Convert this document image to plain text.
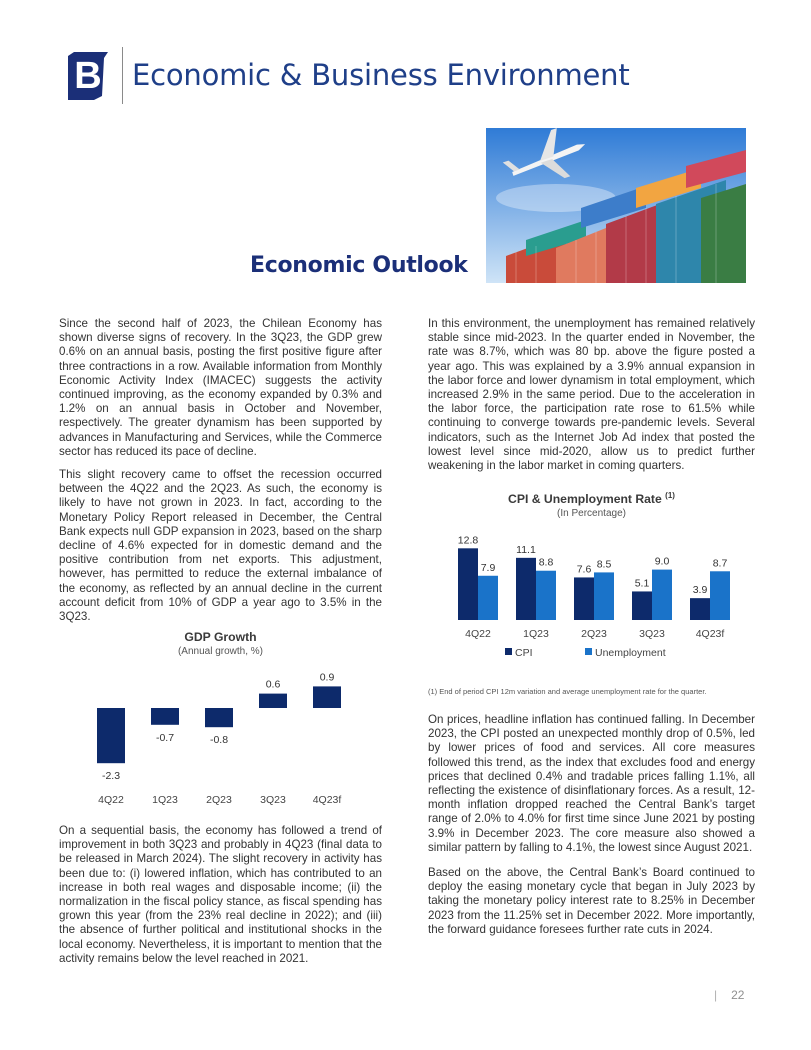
B Economic & Business Environment
Economic Outlook

Since the second half of 2023, the Chilean Economy has shown diverse signs of recovery. In the 3Q23, the GDP grew 0.6% on an annual basis, posting the first positive figure after three contractions in a row. Available information from Monthly Economic Activity Index (IMACEC) suggests the activity continued improving, as the economy expanded by 0.3% and 1.2% on an annual basis in October and November, respectively. The greater dynamism has been supported by advances in Manufacturing and Services, while the Commerce sector has reduced its pace of decline.

This slight recovery came to offset the recession occurred between the 4Q22 and the 2Q23. As such, the economy is likely to have not grown in 2023. In fact, according to the Monetary Policy Report released in December, the Central Bank expects null GDP expansion in 2023, based on the sharp decline of 4.6% expected for in domestic demand and the positive contribution from net exports. This adjustment, however, has permitted to reduce the external imbalance of the economy, as reflected by an annual decline in the current account deficit from 10% of GDP a year ago to 3.5% in the 3Q23.

GDP Growth
(Annual growth, %)
-2.3
4Q22
-0.7
1Q23
-0.8
2Q23
0.6
3Q23
0.9
4Q23f

On a sequential basis, the economy has followed a trend of improvement in both 3Q23 and probably in 4Q23 (final data to be released in March 2024). The slight recovery in activity has been due to: (i) lowered inflation, which has contributed to an increase in both real wages and disposable income; (ii) the normalization in the fiscal policy stance, as fiscal spending has grown this year (from the 23% real decline in 2022); and (iii) the absence of further political and institutional shocks in the local economy. Nevertheless, it is important to mention that the activity remains below the level reached in 2021.

In this environment, the unemployment has remained relatively stable since mid-2023. In the quarter ended in November, the rate was 8.7%, which was 80 bp. above the figure posted a year ago. This was explained by a 3.9% annual expansion in the labor force and lower dynamism in total employment, which increased 2.9% in the same period. Due to the acceleration in the labor force, the participation rate rose to 61.5% while continuing to converge towards pre-pandemic levels. Several indicators, such as the Internet Job Ad index that posted the lowest level since mid-2020, allow us to predict further weakening in the labor market in coming quarters.

CPI & Unemployment Rate $^{(1)}$
(In Percentage)
12.8
7.9
4Q22
11.1
8.8
1Q23
7.6 8.5
2Q23
5.1
9.0
3Q23
3.9
8.7
4Q23f
CPI	Unemployment
(1) End of period CPI 12m variation and average unemployment rate for the quarter.

On prices, headline inflation has continued falling. In December 2023, the CPI posted an unexpected monthly drop of 0.5%, led by lower prices of food and services. All core measures followed this trend, as the index that excludes food and energy prices that declined 0.4% and tradable prices falling 1.1%, all reflecting the existence of disinflationary forces. As a result, 12-month inflation dropped reached the Central Bank’s target range of 2.0% to 4.0% for first time since June 2021 by posting 3.9% in December 2023. The core measure also showed a similar pattern by falling to 4.1%, the lowest since August 2021.

Based on the above, the Central Bank’s Board continued to deploy the easing monetary cycle that began in July 2023 by taking the monetary policy interest rate to 8.25% in December 2023 from the 11.25% set in December 2022. More importantly, the forward guidance foresees further rate cuts in 2024.

| 22
